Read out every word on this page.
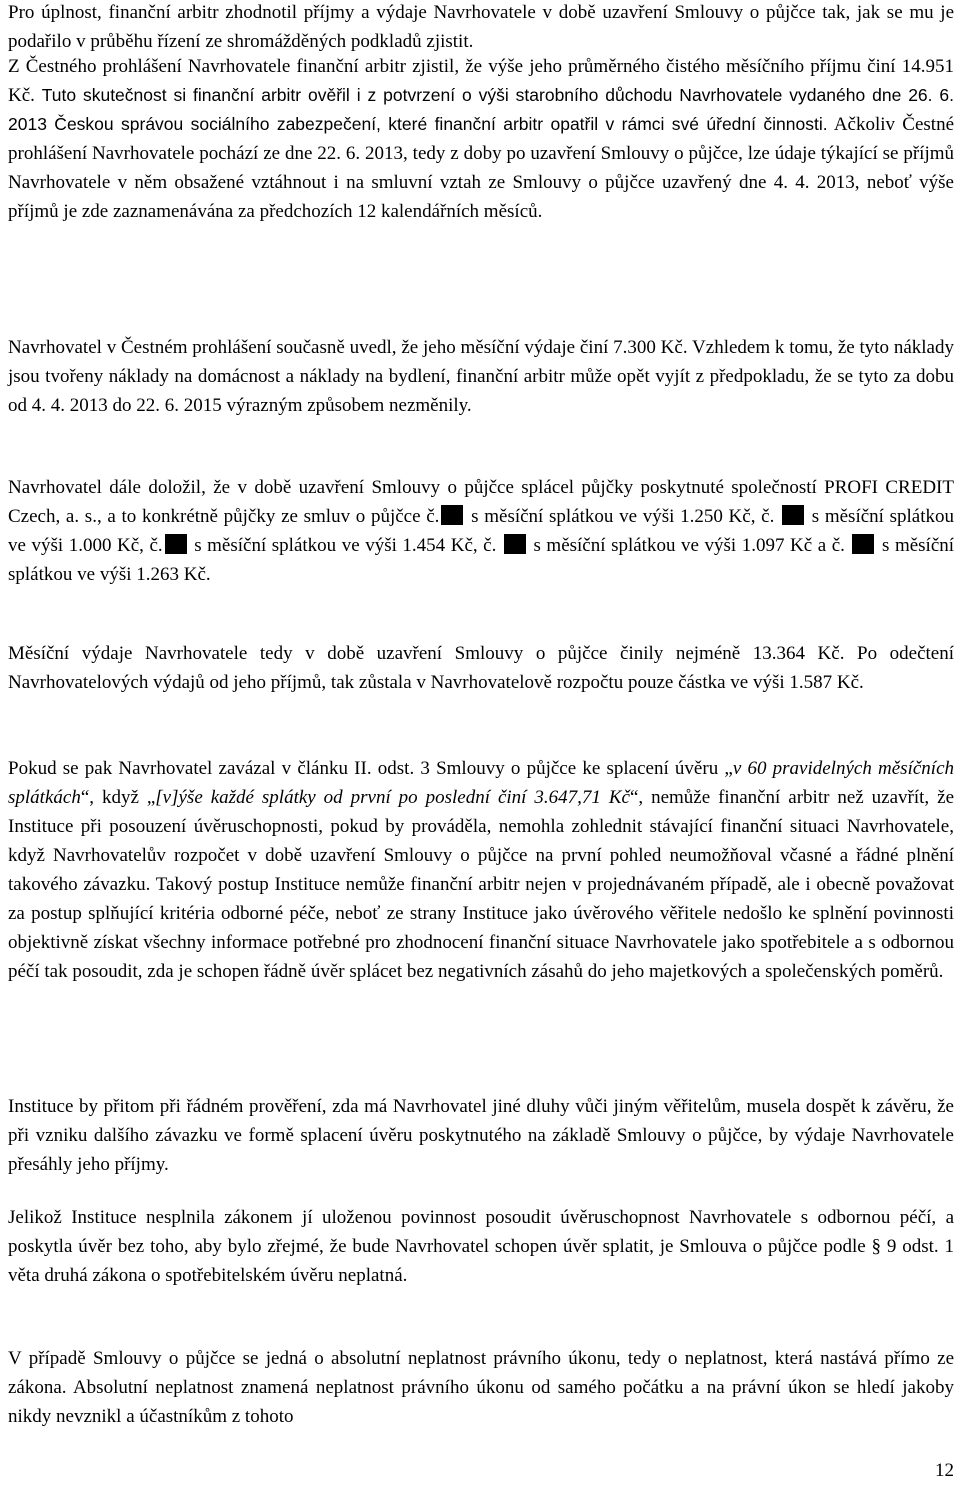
Pro úplnost, finanční arbitr zhodnotil příjmy a výdaje Navrhovatele v době uzavření Smlouvy o půjčce tak, jak se mu je podařilo v průběhu řízení ze shromážděných podkladů zjistit.

Z Čestného prohlášení Navrhovatele finanční arbitr zjistil, že výše jeho průměrného čistého měsíčního příjmu činí 14.951 Kč. Tuto skutečnost si finanční arbitr ověřil i z potvrzení o výši starobního důchodu Navrhovatele vydaného dne 26. 6. 2013 Českou správou sociálního zabezpečení, které finanční arbitr opatřil v rámci své úřední činnosti. Ačkoliv Čestné prohlášení Navrhovatele pochází ze dne 22. 6. 2013, tedy z doby po uzavření Smlouvy o půjčce, lze údaje týkající se příjmů Navrhovatele v něm obsažené vztáhnout i na smluvní vztah ze Smlouvy o půjčce uzavřený dne 4. 4. 2013, neboť výše příjmů je zde zaznamenávána za předchozích 12 kalendářních měsíců.

Navrhovatel v Čestném prohlášení současně uvedl, že jeho měsíční výdaje činí 7.300 Kč. Vzhledem k tomu, že tyto náklady jsou tvořeny náklady na domácnost a náklady na bydlení, finanční arbitr může opět vyjít z předpokladu, že se tyto za dobu od 4. 4. 2013 do 22. 6. 2015 výrazným způsobem nezměnily.

Navrhovatel dále doložil, že v době uzavření Smlouvy o půjčce splácel půjčky poskytnuté společností PROFI CREDIT Czech, a. s., a to konkrétně půjčky ze smluv o půjčce č. s měsíční splátkou ve výši 1.250 Kč, č. s měsíční splátkou ve výši 1.000 Kč, č. s měsíční splátkou ve výši 1.454 Kč, č. s měsíční splátkou ve výši 1.097 Kč a č. s měsíční splátkou ve výši 1.263 Kč.

Měsíční výdaje Navrhovatele tedy v době uzavření Smlouvy o půjčce činily nejméně 13.364 Kč. Po odečtení Navrhovatelových výdajů od jeho příjmů, tak zůstala v Navrhovatelově rozpočtu pouze částka ve výši 1.587 Kč.

Pokud se pak Navrhovatel zavázal v článku II. odst. 3 Smlouvy o půjčce ke splacení úvěru „v 60 pravidelných měsíčních splátkách“, když „[v]ýše každé splátky od první po poslední činí 3.647,71 Kč“, nemůže finanční arbitr než uzavřít, že Instituce při posouzení úvěruschopnosti, pokud by prováděla, nemohla zohlednit stávající finanční situaci Navrhovatele, když Navrhovatelův rozpočet v době uzavření Smlouvy o půjčce na první pohled neumožňoval včasné a řádné plnění takového závazku. Takový postup Instituce nemůže finanční arbitr nejen v projednávaném případě, ale i obecně považovat za postup splňující kritéria odborné péče, neboť ze strany Instituce jako úvěrového věřitele nedošlo ke splnění povinnosti objektivně získat všechny informace potřebné pro zhodnocení finanční situace Navrhovatele jako spotřebitele a s odbornou péčí tak posoudit, zda je schopen řádně úvěr splácet bez negativních zásahů do jeho majetkových a společenských poměrů.

Instituce by přitom při řádném prověření, zda má Navrhovatel jiné dluhy vůči jiným věřitelům, musela dospět k závěru, že při vzniku dalšího závazku ve formě splacení úvěru poskytnutého na základě Smlouvy o půjčce, by výdaje Navrhovatele přesáhly jeho příjmy.

Jelikož Instituce nesplnila zákonem jí uloženou povinnost posoudit úvěruschopnost Navrhovatele s odbornou péčí, a poskytla úvěr bez toho, aby bylo zřejmé, že bude Navrhovatel schopen úvěr splatit, je Smlouva o půjčce podle § 9 odst. 1 věta druhá zákona o spotřebitelském úvěru neplatná.

V případě Smlouvy o půjčce se jedná o absolutní neplatnost právního úkonu, tedy o neplatnost, která nastává přímo ze zákona. Absolutní neplatnost znamená neplatnost právního úkonu od samého počátku a na právní úkon se hledí jakoby nikdy nevznikl a účastníkům z tohoto

12
